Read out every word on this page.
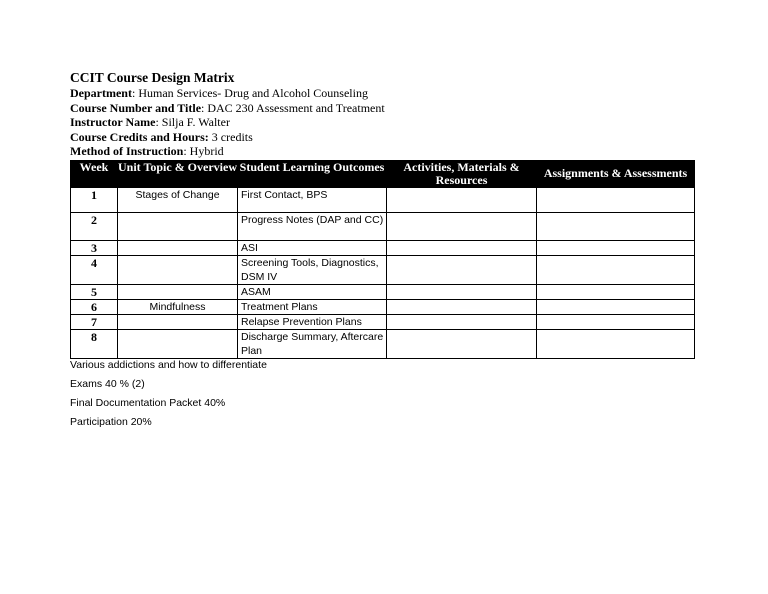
CCIT Course Design Matrix
Department: Human Services- Drug and Alcohol Counseling
Course Number and Title: DAC 230 Assessment and Treatment
Instructor Name: Silja F. Walter
Course Credits and Hours: 3 credits
Method of Instruction: Hybrid
Week	Unit Topic & Overview	Student Learning Outcomes	Activities, Materials & Resources	Assignments & Assessments
1	Stages of Change	First Contact, BPS		
2		Progress Notes (DAP and CC)		
3		ASI		
4		Screening Tools, Diagnostics, DSM IV		
5		ASAM		
6	Mindfulness	Treatment Plans		
7		Relapse Prevention Plans		
8		Discharge Summary, Aftercare Plan		

Various addictions and how to differentiate

Exams 40 % (2)

Final Documentation Packet 40%

Participation 20%
